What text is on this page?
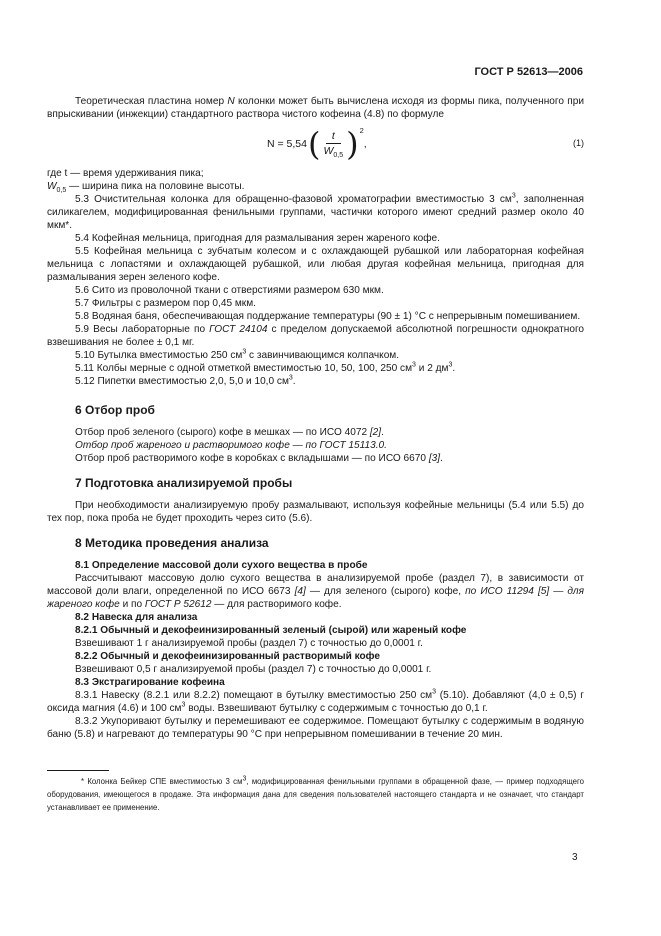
ГОСТ Р 52613—2006

Теоретическая пластина номер N колонки может быть вычислена исходя из формы пика, полученного при впрыскивании (инжекции) стандартного раствора чистого кофеина (4.8) по формуле

N = 5,54 ( $\frac{t}{W_{0,5}}$ ) 2
,	(1)

где t — время удерживания пика;

$W_{0,5}$ — ширина пика на половине высоты.

5.3 Очистительная колонка для обращенно-фазовой хроматографии вместимостью 3 $см^3$, заполненная силикагелем, модифицированная фенильными группами, частички которого имеют средний размер около 40 мкм*.

5.4 Кофейная мельница, пригодная для размалывания зерен жареного кофе.

5.5 Кофейная мельница с зубчатым колесом и с охлаждающей рубашкой или лабораторная кофейная мельница с лопастями и охлаждающей рубашкой, или любая другая кофейная мельница, пригодная для размалывания зерен зеленого кофе.

5.6 Сито из проволочной ткани с отверстиями размером 630 мкм.

5.7 Фильтры с размером пор 0,45 мкм.

5.8 Водяная баня, обеспечивающая поддержание температуры (90 ± 1) °С с непрерывным помешиванием.

5.9 Весы лабораторные по ГОСТ 24104 с пределом допускаемой абсолютной погрешности однократного взвешивания не более ± 0,1 мг.

5.10 Бутылка вместимостью 250 $см^3$ с завинчивающимся колпачком.

5.11 Колбы мерные с одной отметкой вместимостью 10, 50, 100, 250 $см^3$ и 2 $дм^3$.

5.12 Пипетки вместимостью 2,0, 5,0 и 10,0 $см^3$.

6 Отбор проб

Отбор проб зеленого (сырого) кофе в мешках — по ИСО 4072 [2].

Отбор проб жареного и растворимого кофе — по ГОСТ 15113.0.

Отбор проб растворимого кофе в коробках с вкладышами — по ИСО 6670 [3].

7 Подготовка анализируемой пробы

При необходимости анализируемую пробу размалывают, используя кофейные мельницы (5.4 или 5.5) до тех пор, пока проба не будет проходить через сито (5.6).

8 Методика проведения анализа

8.1 Определение массовой доли сухого вещества в пробе

Рассчитывают массовую долю сухого вещества в анализируемой пробе (раздел 7), в зависимости от массовой доли влаги, определенной по ИСО 6673 [4] — для зеленого (сырого) кофе, по ИСО 11294 [5] — для жареного кофе и по ГОСТ Р 52612 — для растворимого кофе.

8.2 Навеска для анализа

8.2.1 Обычный и декофеинизированный зеленый (сырой) или жареный кофе

Взвешивают 1 г анализируемой пробы (раздел 7) с точностью до 0,0001 г.

8.2.2 Обычный и декофеинизированный растворимый кофе

Взвешивают 0,5 г анализируемой пробы (раздел 7) с точностью до 0,0001 г.

8.3 Экстрагирование кофеина

8.3.1 Навеску (8.2.1 или 8.2.2) помещают в бутылку вместимостью 250 $см^3$ (5.10). Добавляют (4,0 ± 0,5) г оксида магния (4.6) и 100 $см^3$ воды. Взвешивают бутылку с содержимым с точностью до 0,1 г.

8.3.2 Укупоривают бутылку и перемешивают ее содержимое. Помещают бутылку с содержимым в водяную баню (5.8) и нагревают до температуры 90 °С при непрерывном помешивании в течение 20 мин.

* Колонка Бейкер СПЕ вместимостью 3 $см^3$, модифицированная фенильными группами в обращенной фазе, — пример подходящего оборудования, имеющегося в продаже. Эта информация дана для сведения пользователей настоящего стандарта и не означает, что стандарт устанавливает ее применение.
3
